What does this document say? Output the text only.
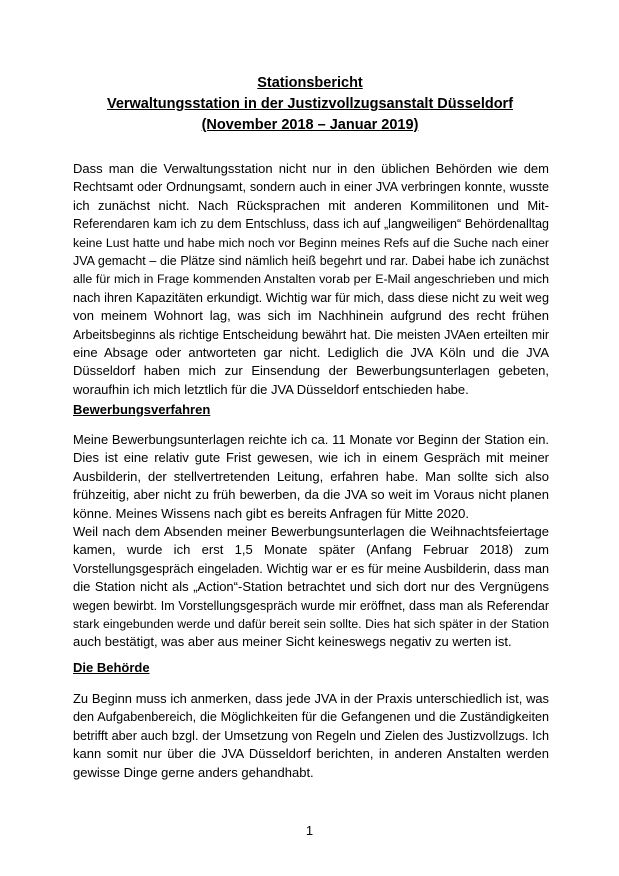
Stationsbericht
Verwaltungsstation in der Justizvollzugsanstalt Düsseldorf
(November 2018 – Januar 2019)
Dass man die Verwaltungsstation nicht nur in den üblichen Behörden wie dem
Rechtsamt oder Ordnungsamt, sondern auch in einer JVA verbringen konnte, wusste
ich zunächst nicht. Nach Rücksprachen mit anderen Kommilitonen und Mit-
Referendaren kam ich zu dem Entschluss, dass ich auf „langweiligen“ Behördenalltag
keine Lust hatte und habe mich noch vor Beginn meines Refs auf die Suche nach einer
JVA gemacht – die Plätze sind nämlich heiß begehrt und rar. Dabei habe ich zunächst
alle für mich in Frage kommenden Anstalten vorab per E-Mail angeschrieben und mich
nach ihren Kapazitäten erkundigt. Wichtig war für mich, dass diese nicht zu weit weg
von meinem Wohnort lag, was sich im Nachhinein aufgrund des recht frühen
Arbeitsbeginns als richtige Entscheidung bewährt hat. Die meisten JVAen erteilten mir
eine Absage oder antworteten gar nicht. Lediglich die JVA Köln und die JVA
Düsseldorf haben mich zur Einsendung der Bewerbungsunterlagen gebeten,
woraufhin ich mich letztlich für die JVA Düsseldorf entschieden habe.
Bewerbungsverfahren
Meine Bewerbungsunterlagen reichte ich ca. 11 Monate vor Beginn der Station ein.
Dies ist eine relativ gute Frist gewesen, wie ich in einem Gespräch mit meiner
Ausbilderin, der stellvertretenden Leitung, erfahren habe. Man sollte sich also
frühzeitig, aber nicht zu früh bewerben, da die JVA so weit im Voraus nicht planen
könne. Meines Wissens nach gibt es bereits Anfragen für Mitte 2020.
Weil nach dem Absenden meiner Bewerbungsunterlagen die Weihnachtsfeiertage
kamen, wurde ich erst 1,5 Monate später (Anfang Februar 2018) zum
Vorstellungsgespräch eingeladen. Wichtig war er es für meine Ausbilderin, dass man
die Station nicht als „Action“-Station betrachtet und sich dort nur des Vergnügens
wegen bewirbt. Im Vorstellungsgespräch wurde mir eröffnet, dass man als Referendar
stark eingebunden werde und dafür bereit sein sollte. Dies hat sich später in der Station
auch bestätigt, was aber aus meiner Sicht keineswegs negativ zu werten ist.
Die Behörde
Zu Beginn muss ich anmerken, dass jede JVA in der Praxis unterschiedlich ist, was
den Aufgabenbereich, die Möglichkeiten für die Gefangenen und die Zuständigkeiten
betrifft aber auch bzgl. der Umsetzung von Regeln und Zielen des Justizvollzugs. Ich
kann somit nur über die JVA Düsseldorf berichten, in anderen Anstalten werden
gewisse Dinge gerne anders gehandhabt.
1
